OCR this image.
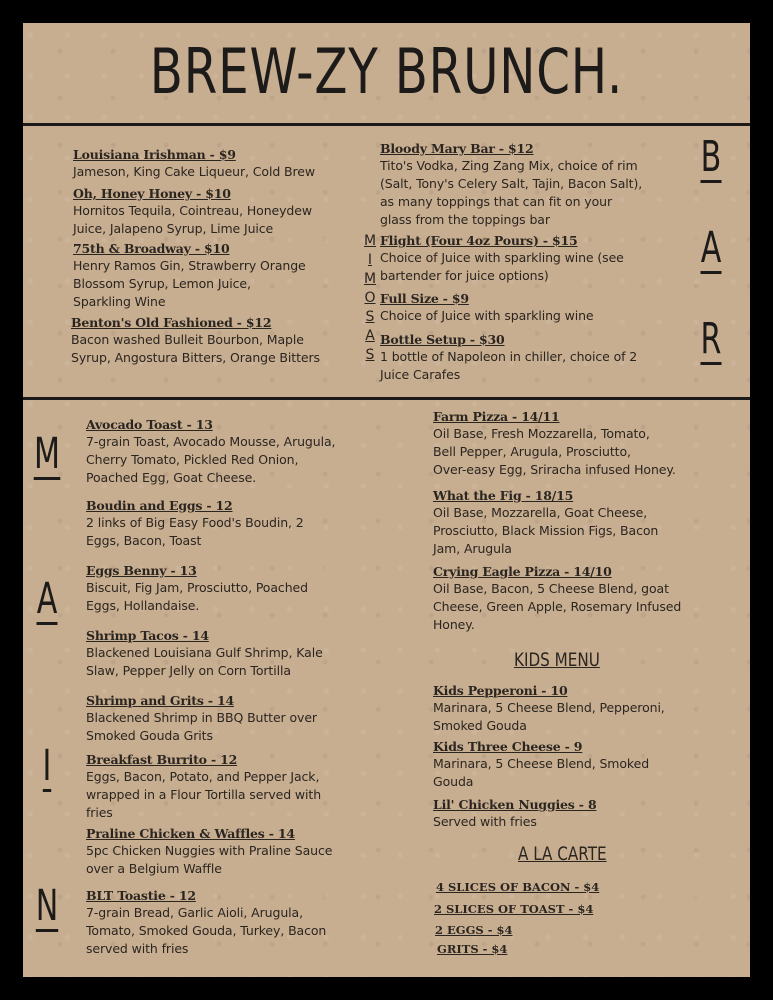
BREW-ZY BRUNCH.
Louisiana Irishman - $9
Jameson, King Cake Liqueur, Cold Brew
Oh, Honey Honey - $10
Hornitos Tequila, Cointreau, Honeydew
Juice, Jalapeno Syrup, Lime Juice
75th & Broadway - $10
Henry Ramos Gin, Strawberry Orange
Blossom Syrup, Lemon Juice,
Sparkling Wine
Benton's Old Fashioned - $12
Bacon washed Bulleit Bourbon, Maple
Syrup, Angostura Bitters, Orange Bitters
M
I
M
O
S
A
S
Bloody Mary Bar - $12
Tito's Vodka, Zing Zang Mix, choice of rim
(Salt, Tony's Celery Salt, Tajin, Bacon Salt),
as many toppings that can fit on your
glass from the toppings bar
Flight (Four 4oz Pours) - $15
Choice of Juice with sparkling wine (see
bartender for juice options)
Full Size - $9
Choice of Juice with sparkling wine
Bottle Setup - $30
1 bottle of Napoleon in chiller, choice of 2
Juice Carafes
B
A
R
M
A
I
N
Avocado Toast - 13
7-grain Toast, Avocado Mousse, Arugula,
Cherry Tomato, Pickled Red Onion,
Poached Egg, Goat Cheese.
Boudin and Eggs - 12
2 links of Big Easy Food's Boudin, 2
Eggs, Bacon, Toast
Eggs Benny - 13
Biscuit, Fig Jam, Prosciutto, Poached
Eggs, Hollandaise.
Shrimp Tacos - 14
Blackened Louisiana Gulf Shrimp, Kale
Slaw, Pepper Jelly on Corn Tortilla
Shrimp and Grits - 14
Blackened Shrimp in BBQ Butter over
Smoked Gouda Grits
Breakfast Burrito - 12
Eggs, Bacon, Potato, and Pepper Jack,
wrapped in a Flour Tortilla served with
fries
Praline Chicken & Waffles - 14
5pc Chicken Nuggies with Praline Sauce
over a Belgium Waffle
BLT Toastie - 12
7-grain Bread, Garlic Aioli, Arugula,
Tomato, Smoked Gouda, Turkey, Bacon
served with fries
Farm Pizza - 14/11
Oil Base, Fresh Mozzarella, Tomato,
Bell Pepper, Arugula, Prosciutto,
Over-easy Egg, Sriracha infused Honey.
What the Fig - 18/15
Oil Base, Mozzarella, Goat Cheese,
Prosciutto, Black Mission Figs, Bacon
Jam, Arugula
Crying Eagle Pizza - 14/10
Oil Base, Bacon, 5 Cheese Blend, goat
Cheese, Green Apple, Rosemary Infused
Honey.
KIDS MENU
Kids Pepperoni - 10
Marinara, 5 Cheese Blend, Pepperoni,
Smoked Gouda
Kids Three Cheese - 9
Marinara, 5 Cheese Blend, Smoked
Gouda
Lil' Chicken Nuggies - 8
Served with fries
A LA CARTE
4 SLICES OF BACON - $4
2 SLICES OF TOAST - $4
2 EGGS - $4
GRITS - $4
